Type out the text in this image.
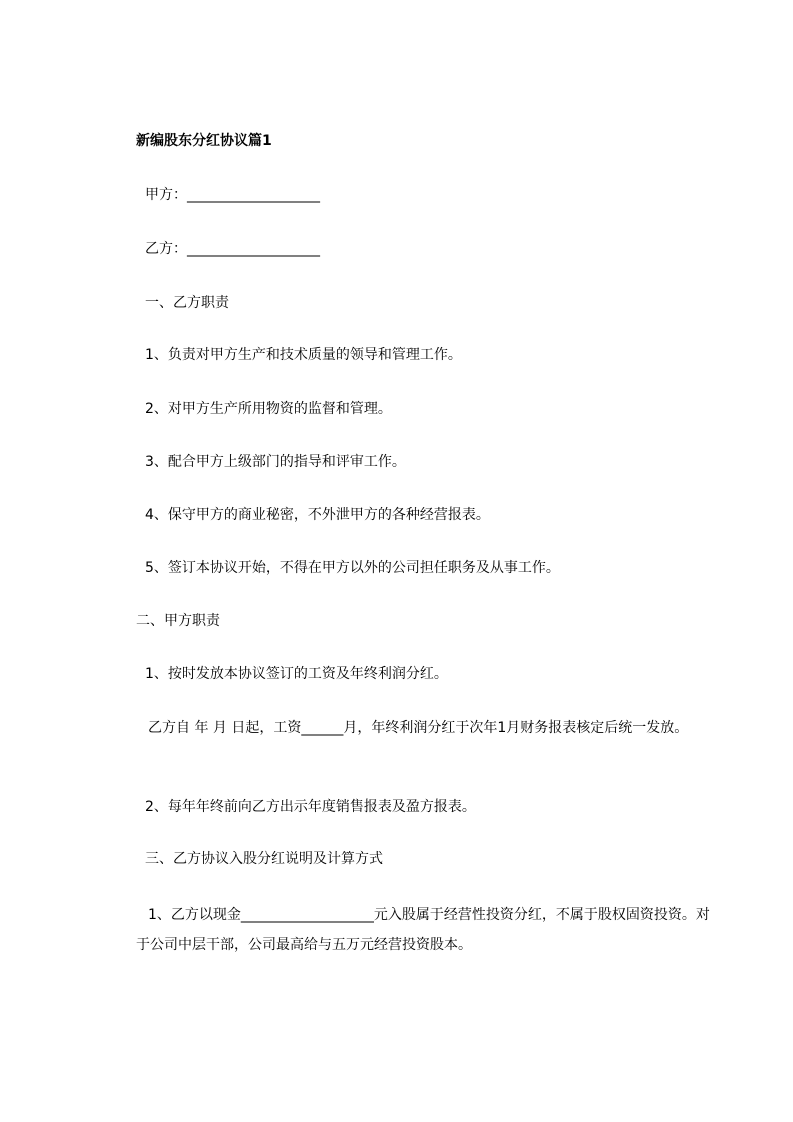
新编股东分红协议篇1
甲方：___________________
乙方：___________________
一、乙方职责
1、负责对甲方生产和技术质量的领导和管理工作。
2、对甲方生产所用物资的监督和管理。
3、配合甲方上级部门的指导和评审工作。
4、保守甲方的商业秘密，不外泄甲方的各种经营报表。
5、签订本协议开始，不得在甲方以外的公司担任职务及从事工作。
二、甲方职责
1、按时发放本协议签订的工资及年终利润分红。
乙方自 年 月 日起，工资______月，年终利润分红于次年1月财务报表核定后统一发放。
2、每年年终前向乙方出示年度销售报表及盈方报表。
三、乙方协议入股分红说明及计算方式
1、乙方以现金___________________元入股属于经营性投资分红，不属于股权固资投资。对于公司中层干部，公司最高给与五万元经营投资股本。
